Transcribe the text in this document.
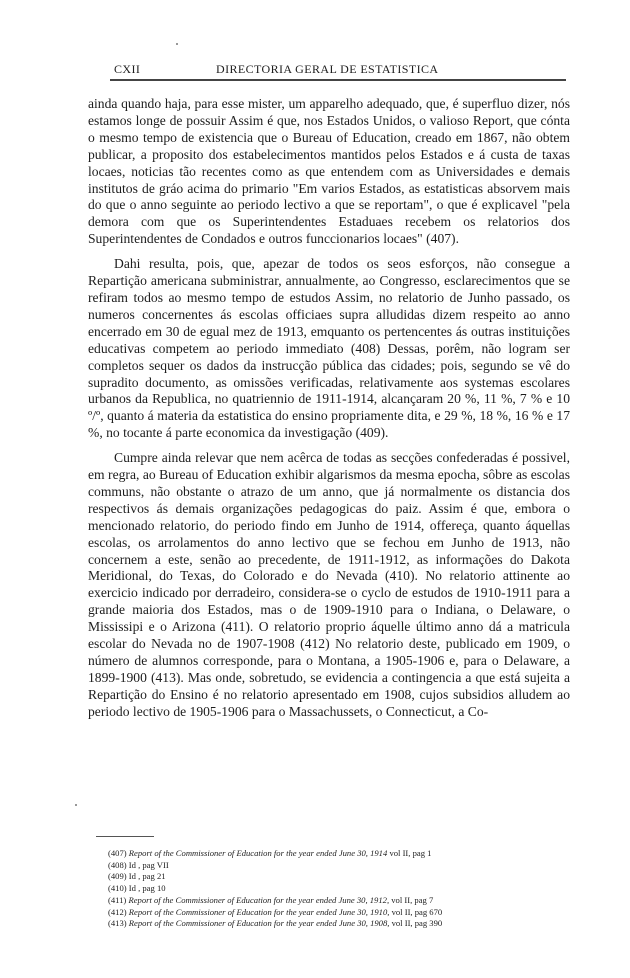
CXII	DIRECTORIA GERAL DE ESTATISTICA

ainda quando haja, para esse mister, um apparelho adequado, que, é superfluo dizer, nós estamos longe de possuir Assim é que, nos Estados Unidos, o valioso Report, que cónta o mesmo tempo de existencia que o Bureau of Education, creado em 1867, não obtem publicar, a proposito dos estabelecimentos mantidos pelos Estados e á custa de taxas locaes, noticias tão recentes como as que entendem com as Universidades e demais institutos de gráo acima do primario "Em varios Estados, as estatisticas absorvem mais do que o anno seguinte ao periodo lectivo a que se reportam", o que é explicavel "pela demora com que os Superintendentes Estaduaes recebem os relatorios dos Superintendentes de Condados e outros funccionarios locaes" (407).

Dahi resulta, pois, que, apezar de todos os seos esforços, não consegue a Repartição americana subministrar, annualmente, ao Congresso, esclarecimentos que se refiram todos ao mesmo tempo de estudos Assim, no relatorio de Junho passado, os numeros concernentes ás escolas officiaes supra alludidas dizem respeito ao anno encerrado em 30 de egual mez de 1913, emquanto os pertencentes ás outras instituições educativas competem ao periodo immediato (408) Dessas, porêm, não logram ser completos sequer os dados da instrucção pública das cidades; pois, segundo se vê do supradito documento, as omissões verificadas, relativamente aos systemas escolares urbanos da Republica, no quatriennio de 1911-1914, alcançaram 20 %, 11 %, 7 % e 10 º/º, quanto á materia da estatistica do ensino propriamente dita, e 29 %, 18 %, 16 % e 17 %, no tocante á parte economica da investigação (409).

Cumpre ainda relevar que nem acêrca de todas as secções confederadas é possivel, em regra, ao Bureau of Education exhibir algarismos da mesma epocha, sôbre as escolas communs, não obstante o atrazo de um anno, que já normalmente os distancia dos respectivos ás demais organizações pedagogicas do paiz. Assim é que, embora o mencionado relatorio, do periodo findo em Junho de 1914, offereça, quanto áquellas escolas, os arrolamentos do anno lectivo que se fechou em Junho de 1913, não concernem a este, senão ao precedente, de 1911-1912, as informações do Dakota Meridional, do Texas, do Colorado e do Nevada (410). No relatorio attinente ao exercicio indicado por derradeiro, considera-se o cyclo de estudos de 1910-1911 para a grande maioria dos Estados, mas o de 1909-1910 para o Indiana, o Delaware, o Mississipi e o Arizona (411). O relatorio proprio áquelle último anno dá a matricula escolar do Nevada no de 1907-1908 (412) No relatorio deste, publicado em 1909, o número de alumnos corresponde, para o Montana, a 1905-1906 e, para o Delaware, a 1899-1900 (413). Mas onde, sobretudo, se evidencia a contingencia a que está sujeita a Repartição do Ensino é no relatorio apresentado em 1908, cujos subsidios alludem ao periodo lectivo de 1905-1906 para o Massachussets, o Connecticut, a Co-

(407) Report of the Commissioner of Education for the year ended June 30, 1914 vol II, pag 1
(408) Id , pag VII
(409) Id , pag 21
(410) Id , pag 10
(411) Report of the Commissioner of Education for the year ended June 30, 1912, vol II, pag 7
(412) Report of the Commissioner of Education for the year ended June 30, 1910, vol II, pag 670
(413) Report of the Commissioner of Education for the year ended June 30, 1908, vol II, pag 390
